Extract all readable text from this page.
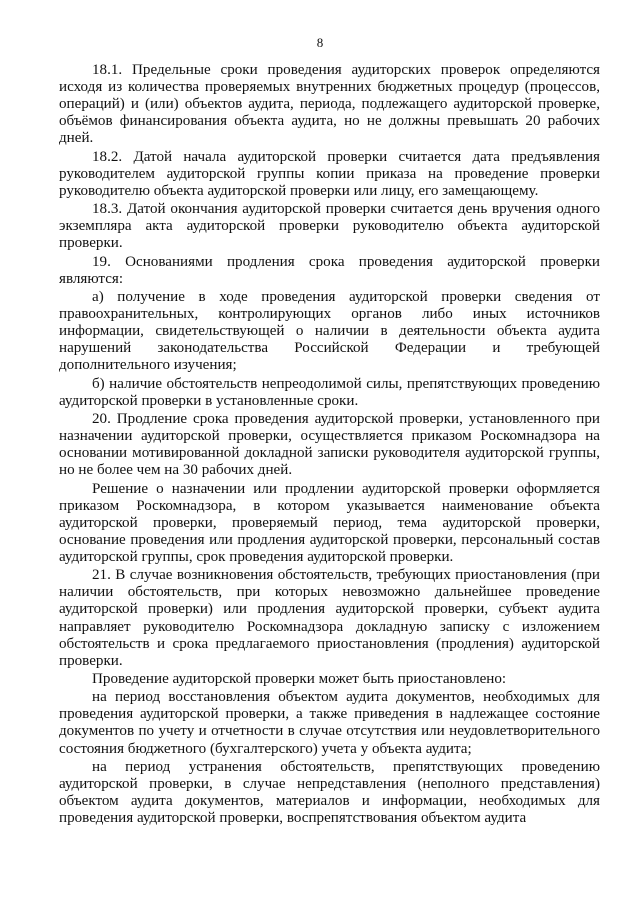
8

18.1. Предельные сроки проведения аудиторских проверок определяются исходя из количества проверяемых внутренних бюджетных процедур (процессов, операций) и (или) объектов аудита, периода, подлежащего аудиторской проверке, объёмов финансирования объекта аудита, но не должны превышать 20 рабочих дней.

18.2. Датой начала аудиторской проверки считается дата предъявления руководителем аудиторской группы копии приказа на проведение проверки руководителю объекта аудиторской проверки или лицу, его замещающему.

18.3. Датой окончания аудиторской проверки считается день вручения одного экземпляра акта аудиторской проверки руководителю объекта аудиторской проверки.

19. Основаниями продления срока проведения аудиторской проверки являются:

а) получение в ходе проведения аудиторской проверки сведения от правоохранительных, контролирующих органов либо иных источников информации, свидетельствующей о наличии в деятельности объекта аудита нарушений законодательства Российской Федерации и требующей дополнительного изучения;

б) наличие обстоятельств непреодолимой силы, препятствующих проведению аудиторской проверки в установленные сроки.

20. Продление срока проведения аудиторской проверки, установленного при назначении аудиторской проверки, осуществляется приказом Роскомнадзора на основании мотивированной докладной записки руководителя аудиторской группы, но не более чем на 30 рабочих дней.

Решение о назначении или продлении аудиторской проверки оформляется приказом Роскомнадзора, в котором указывается наименование объекта аудиторской проверки, проверяемый период, тема аудиторской проверки, основание проведения или продления аудиторской проверки, персональный состав аудиторской группы, срок проведения аудиторской проверки.

21. В случае возникновения обстоятельств, требующих приостановления (при наличии обстоятельств, при которых невозможно дальнейшее проведение аудиторской проверки) или продления аудиторской проверки, субъект аудита направляет руководителю Роскомнадзора докладную записку с изложением обстоятельств и срока предлагаемого приостановления (продления) аудиторской проверки.

Проведение аудиторской проверки может быть приостановлено:

на период восстановления объектом аудита документов, необходимых для проведения аудиторской проверки, а также приведения в надлежащее состояние документов по учету и отчетности в случае отсутствия или неудовлетворительного состояния бюджетного (бухгалтерского) учета у объекта аудита;

на период устранения обстоятельств, препятствующих проведению аудиторской проверки, в случае непредставления (неполного представления) объектом аудита документов, материалов и информации, необходимых для проведения аудиторской проверки, воспрепятствования объектом аудита
